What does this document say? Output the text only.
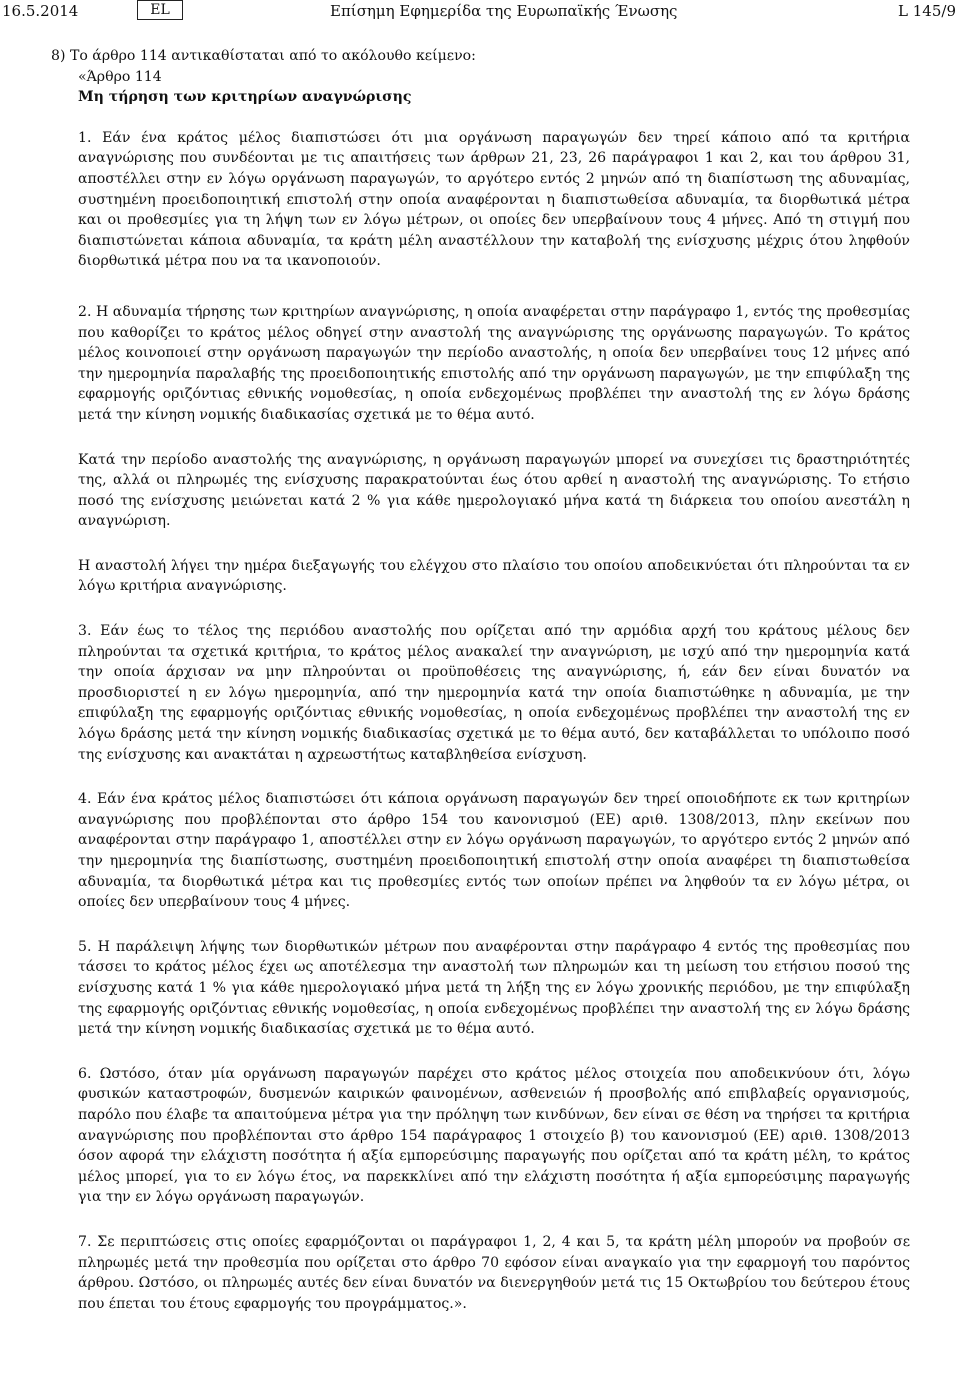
16.5.2014	EL	Επίσημη Εφημερίδα της Ευρωπαϊκής Ένωσης	L 145/9

8) Το άρθρο 114 αντικαθίσταται από το ακόλουθο κείμενο:

«Άρθρο 114

Μη τήρηση των κριτηρίων αναγνώρισης

1. Εάν ένα κράτος μέλος διαπιστώσει ότι μια οργάνωση παραγωγών δεν τηρεί κάποιο από τα κριτήρια αναγνώρισης που συνδέονται με τις απαιτήσεις των άρθρων 21, 23, 26 παράγραφοι 1 και 2, και του άρθρου 31, αποστέλλει στην εν λόγω οργάνωση παραγωγών, το αργότερο εντός 2 μηνών από τη διαπίστωση της αδυναμίας, συστημένη προειδοποιητική επιστολή στην οποία αναφέρονται η διαπιστωθείσα αδυναμία, τα διορθωτικά μέτρα και οι προθεσμίες για τη λήψη των εν λόγω μέτρων, οι οποίες δεν υπερβαίνουν τους 4 μήνες. Από τη στιγμή που διαπιστώνεται κάποια αδυναμία, τα κράτη μέλη αναστέλλουν την καταβολή της ενίσχυσης μέχρις ότου ληφθούν διορθωτικά μέτρα που να τα ικανοποιούν.

2. Η αδυναμία τήρησης των κριτηρίων αναγνώρισης, η οποία αναφέρεται στην παράγραφο 1, εντός της προθεσμίας που καθορίζει το κράτος μέλος οδηγεί στην αναστολή της αναγνώρισης της οργάνωσης παραγωγών. Το κράτος μέλος κοινοποιεί στην οργάνωση παραγωγών την περίοδο αναστολής, η οποία δεν υπερβαίνει τους 12 μήνες από την ημερομηνία παραλαβής της προειδοποιητικής επιστολής από την οργάνωση παραγωγών, με την επιφύλαξη της εφαρμογής οριζόντιας εθνικής νομοθεσίας, η οποία ενδεχομένως προβλέπει την αναστολή της εν λόγω δράσης μετά την κίνηση νομικής διαδικασίας σχετικά με το θέμα αυτό.

Κατά την περίοδο αναστολής της αναγνώρισης, η οργάνωση παραγωγών μπορεί να συνεχίσει τις δραστηριότητές της, αλλά οι πληρωμές της ενίσχυσης παρακρατούνται έως ότου αρθεί η αναστολή της αναγνώρισης. Το ετήσιο ποσό της ενίσχυσης μειώνεται κατά 2 % για κάθε ημερολογιακό μήνα κατά τη διάρκεια του οποίου ανεστάλη η αναγνώριση.

Η αναστολή λήγει την ημέρα διεξαγωγής του ελέγχου στο πλαίσιο του οποίου αποδεικνύεται ότι πληρούνται τα εν λόγω κριτήρια αναγνώρισης.

3. Εάν έως το τέλος της περιόδου αναστολής που ορίζεται από την αρμόδια αρχή του κράτους μέλους δεν πληρούνται τα σχετικά κριτήρια, το κράτος μέλος ανακαλεί την αναγνώριση, με ισχύ από την ημερομηνία κατά την οποία άρχισαν να μην πληρούνται οι προϋποθέσεις της αναγνώρισης, ή, εάν δεν είναι δυνατόν να προσδιοριστεί η εν λόγω ημερομηνία, από την ημερομηνία κατά την οποία διαπιστώθηκε η αδυναμία, με την επιφύλαξη της εφαρμογής οριζόντιας εθνικής νομοθεσίας, η οποία ενδεχομένως προβλέπει την αναστολή της εν λόγω δράσης μετά την κίνηση νομικής διαδικασίας σχετικά με το θέμα αυτό, δεν καταβάλλεται το υπόλοιπο ποσό της ενίσχυσης και ανακτάται η αχρεωστήτως καταβληθείσα ενίσχυση.

4. Εάν ένα κράτος μέλος διαπιστώσει ότι κάποια οργάνωση παραγωγών δεν τηρεί οποιοδήποτε εκ των κριτηρίων αναγνώρισης που προβλέπονται στο άρθρο 154 του κανονισμού (ΕΕ) αριθ. 1308/2013, πλην εκείνων που αναφέρονται στην παράγραφο 1, αποστέλλει στην εν λόγω οργάνωση παραγωγών, το αργότερο εντός 2 μηνών από την ημερομηνία της διαπίστωσης, συστημένη προειδοποιητική επιστολή στην οποία αναφέρει τη διαπιστωθείσα αδυναμία, τα διορθωτικά μέτρα και τις προθεσμίες εντός των οποίων πρέπει να ληφθούν τα εν λόγω μέτρα, οι οποίες δεν υπερβαίνουν τους 4 μήνες.

5. Η παράλειψη λήψης των διορθωτικών μέτρων που αναφέρονται στην παράγραφο 4 εντός της προθεσμίας που τάσσει το κράτος μέλος έχει ως αποτέλεσμα την αναστολή των πληρωμών και τη μείωση του ετήσιου ποσού της ενίσχυσης κατά 1 % για κάθε ημερολογιακό μήνα μετά τη λήξη της εν λόγω χρονικής περιόδου, με την επιφύλαξη της εφαρμογής οριζόντιας εθνικής νομοθεσίας, η οποία ενδεχομένως προβλέπει την αναστολή της εν λόγω δράσης μετά την κίνηση νομικής διαδικασίας σχετικά με το θέμα αυτό.

6. Ωστόσο, όταν μία οργάνωση παραγωγών παρέχει στο κράτος μέλος στοιχεία που αποδεικνύουν ότι, λόγω φυσικών καταστροφών, δυσμενών καιρικών φαινομένων, ασθενειών ή προσβολής από επιβλαβείς οργανισμούς, παρόλο που έλαβε τα απαιτούμενα μέτρα για την πρόληψη των κινδύνων, δεν είναι σε θέση να τηρήσει τα κριτήρια αναγνώρισης που προβλέπονται στο άρθρο 154 παράγραφος 1 στοιχείο β) του κανονισμού (ΕΕ) αριθ. 1308/2013 όσον αφορά την ελάχιστη ποσότητα ή αξία εμπορεύσιμης παραγωγής που ορίζεται από τα κράτη μέλη, το κράτος μέλος μπορεί, για το εν λόγω έτος, να παρεκκλίνει από την ελάχιστη ποσότητα ή αξία εμπορεύσιμης παραγωγής για την εν λόγω οργάνωση παραγωγών.

7. Σε περιπτώσεις στις οποίες εφαρμόζονται οι παράγραφοι 1, 2, 4 και 5, τα κράτη μέλη μπορούν να προβούν σε πληρωμές μετά την προθεσμία που ορίζεται στο άρθρο 70 εφόσον είναι αναγκαίο για την εφαρμογή του παρόντος άρθρου. Ωστόσο, οι πληρωμές αυτές δεν είναι δυνατόν να διενεργηθούν μετά τις 15 Οκτωβρίου του δεύτερου έτους που έπεται του έτους εφαρμογής του προγράμματος.».
